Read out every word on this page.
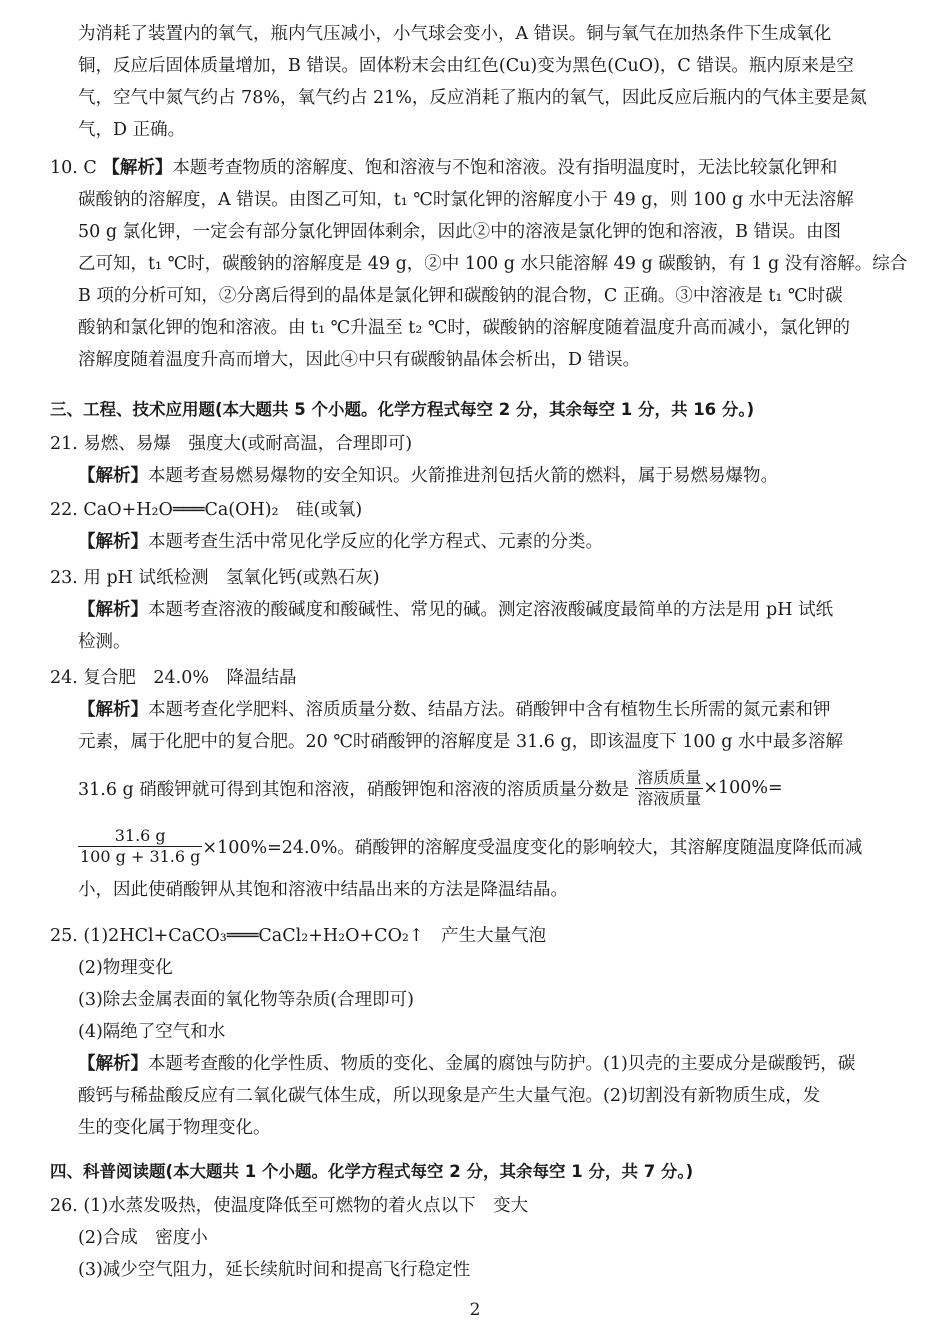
为消耗了装置内的氧气，瓶内气压减小，小气球会变小，A 错误。铜与氧气在加热条件下生成氧化
铜，反应后固体质量增加，B 错误。固体粉末会由红色(Cu)变为黑色(CuO)，C 错误。瓶内原来是空
气，空气中氮气约占 78%，氧气约占 21%，反应消耗了瓶内的氧气，因此反应后瓶内的气体主要是氮
气，D 正确。
10. C 【解析】本题考查物质的溶解度、饱和溶液与不饱和溶液。没有指明温度时，无法比较氯化钾和
碳酸钠的溶解度，A 错误。由图乙可知，t₁ ℃时氯化钾的溶解度小于 49 g，则 100 g 水中无法溶解
50 g 氯化钾，一定会有部分氯化钾固体剩余，因此②中的溶液是氯化钾的饱和溶液，B 错误。由图
乙可知，t₁ ℃时，碳酸钠的溶解度是 49 g，②中 100 g 水只能溶解 49 g 碳酸钠，有 1 g 没有溶解。综合
B 项的分析可知，②分离后得到的晶体是氯化钾和碳酸钠的混合物，C 正确。③中溶液是 t₁ ℃时碳
酸钠和氯化钾的饱和溶液。由 t₁ ℃升温至 t₂ ℃时，碳酸钠的溶解度随着温度升高而减小，氯化钾的
溶解度随着温度升高而增大，因此④中只有碳酸钠晶体会析出，D 错误。
三、工程、技术应用题(本大题共 5 个小题。化学方程式每空 2 分，其余每空 1 分，共 16 分。)
21. 易燃、易爆　强度大(或耐高温，合理即可)
【解析】本题考查易燃易爆物的安全知识。火箭推进剂包括火箭的燃料，属于易燃易爆物。
22. CaO+H₂O═══Ca(OH)₂　硅(或氧)
【解析】本题考查生活中常见化学反应的化学方程式、元素的分类。
23. 用 pH 试纸检测　氢氧化钙(或熟石灰)
【解析】本题考查溶液的酸碱度和酸碱性、常见的碱。测定溶液酸碱度最简单的方法是用 pH 试纸
检测。
24. 复合肥　24.0%　降温结晶
【解析】本题考查化学肥料、溶质质量分数、结晶方法。硝酸钾中含有植物生长所需的氮元素和钾
元素，属于化肥中的复合肥。20 ℃时硝酸钾的溶解度是 31.6 g，即该温度下 100 g 水中最多溶解
31.6 g 硝酸钾就可得到其饱和溶液，硝酸钾饱和溶液的溶质质量分数是 $\frac{\text{溶质质量}}{\text{溶液质量}} \times 100\%=$
$\frac{31.6 g}{100 g + 31.6 g} \times 100\%=24.0\%$。硝酸钾的溶解度受温度变化的影响较大，其溶解度随温度降低而减
小，因此使硝酸钾从其饱和溶液中结晶出来的方法是降温结晶。
25. (1)2HCl+CaCO₃═══CaCl₂+H₂O+CO₂↑　产生大量气泡
(2)物理变化
(3)除去金属表面的氧化物等杂质(合理即可)
(4)隔绝了空气和水
【解析】本题考查酸的化学性质、物质的变化、金属的腐蚀与防护。(1)贝壳的主要成分是碳酸钙，碳
酸钙与稀盐酸反应有二氧化碳气体生成，所以现象是产生大量气泡。(2)切割没有新物质生成，发
生的变化属于物理变化。
四、科普阅读题(本大题共 1 个小题。化学方程式每空 2 分，其余每空 1 分，共 7 分。)
26. (1)水蒸发吸热，使温度降低至可燃物的着火点以下　变大
(2)合成　密度小
(3)减少空气阻力，延长续航时间和提高飞行稳定性
2
